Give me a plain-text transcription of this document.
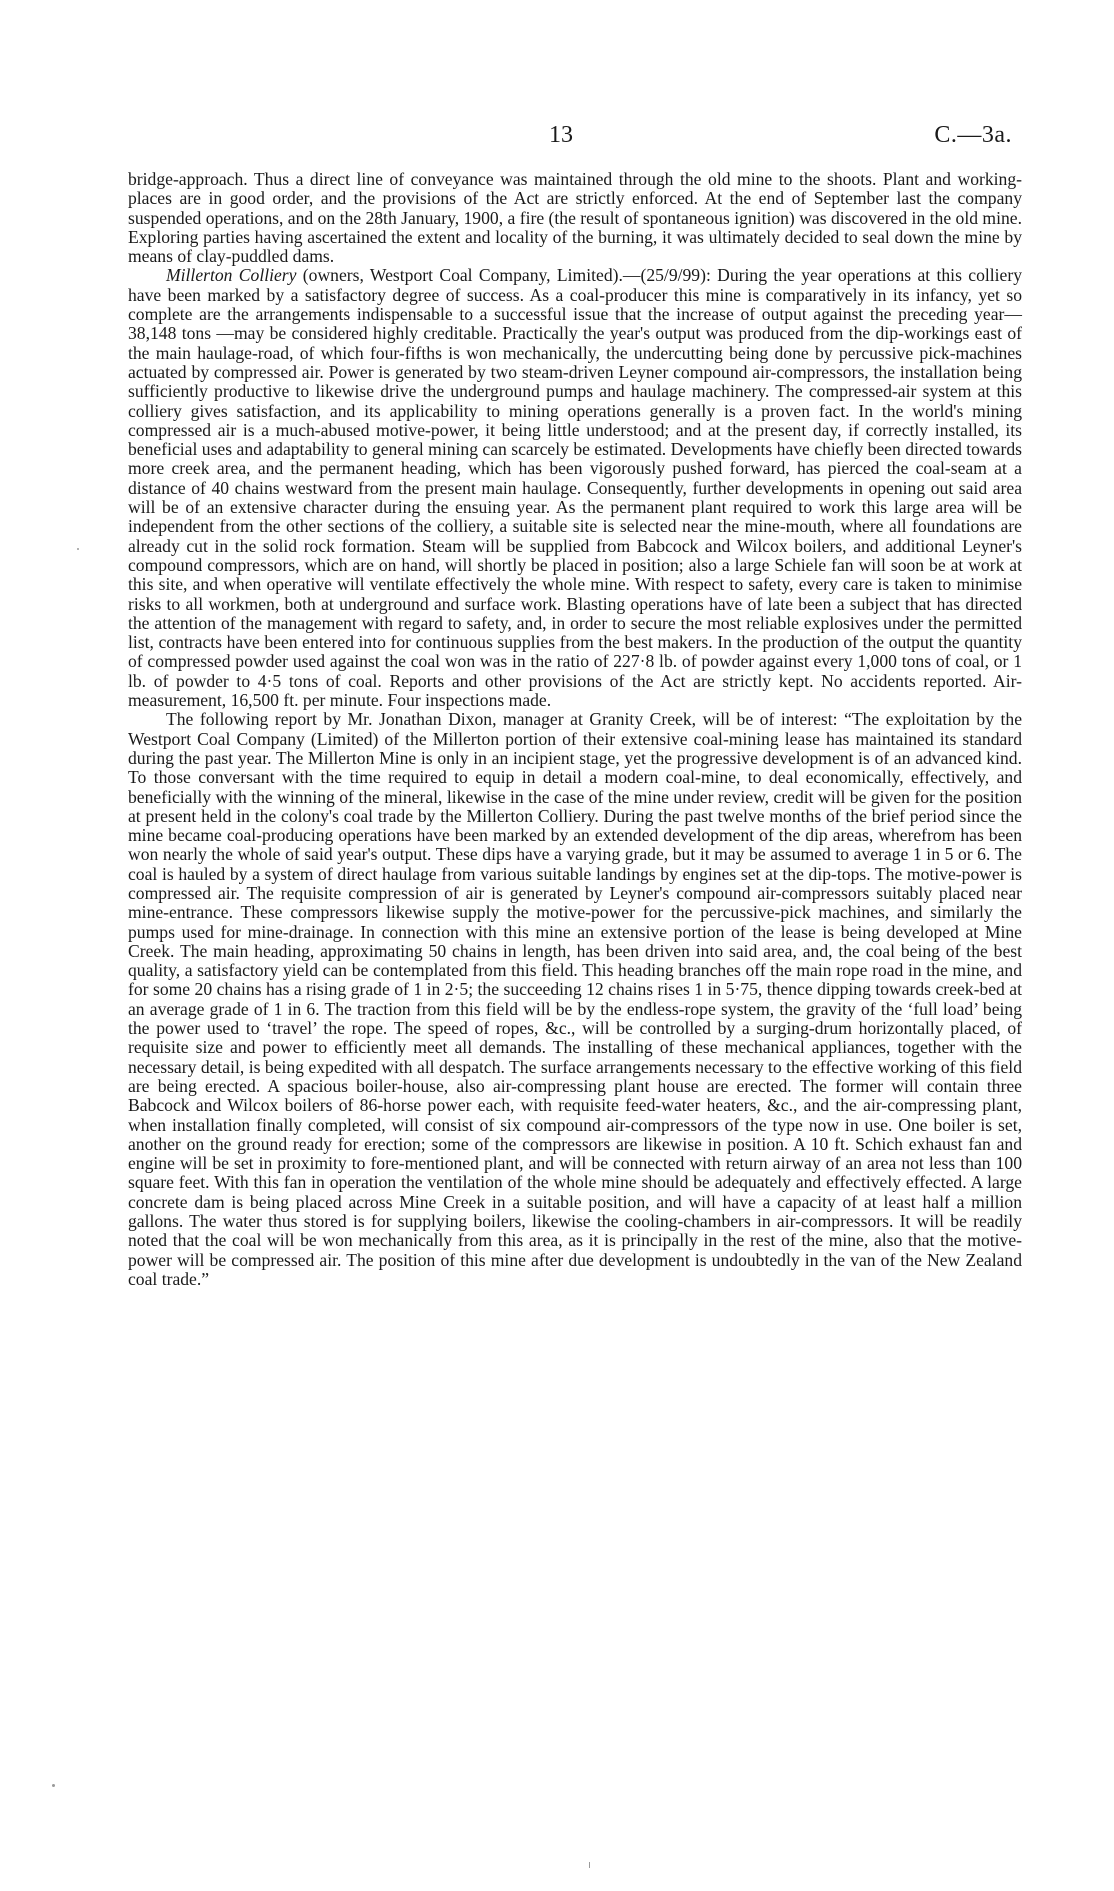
13	C.—3a.

bridge-approach. Thus a direct line of conveyance was maintained through the old mine to the shoots. Plant and working-places are in good order, and the provisions of the Act are strictly enforced. At the end of September last the company suspended operations, and on the 28th January, 1900, a fire (the result of spontaneous ignition) was discovered in the old mine. Exploring parties having ascertained the extent and locality of the burning, it was ultimately decided to seal down the mine by means of clay-puddled dams.

Millerton Colliery (owners, Westport Coal Company, Limited).—(25/9/99): During the year operations at this colliery have been marked by a satisfactory degree of success. As a coal-producer this mine is comparatively in its infancy, yet so complete are the arrangements indispensable to a successful issue that the increase of output against the preceding year—38,148 tons —may be considered highly creditable. Practically the year's output was produced from the dip-workings east of the main haulage-road, of which four-fifths is won mechanically, the undercutting being done by percussive pick-machines actuated by compressed air. Power is generated by two steam-driven Leyner compound air-compressors, the installation being sufficiently productive to likewise drive the underground pumps and haulage machinery. The compressed-air system at this colliery gives satisfaction, and its applicability to mining operations generally is a proven fact. In the world's mining compressed air is a much-abused motive-power, it being little understood; and at the present day, if correctly installed, its beneficial uses and adaptability to general mining can scarcely be estimated. Developments have chiefly been directed towards more creek area, and the permanent heading, which has been vigorously pushed forward, has pierced the coal-seam at a distance of 40 chains westward from the present main haulage. Consequently, further developments in opening out said area will be of an extensive character during the ensuing year. As the permanent plant required to work this large area will be independent from the other sections of the colliery, a suitable site is selected near the mine-mouth, where all foundations are already cut in the solid rock formation. Steam will be supplied from Babcock and Wilcox boilers, and additional Leyner's compound compressors, which are on hand, will shortly be placed in position; also a large Schiele fan will soon be at work at this site, and when operative will ventilate effectively the whole mine. With respect to safety, every care is taken to minimise risks to all workmen, both at underground and surface work. Blasting operations have of late been a subject that has directed the attention of the management with regard to safety, and, in order to secure the most reliable explosives under the permitted list, contracts have been entered into for continuous supplies from the best makers. In the production of the output the quantity of compressed powder used against the coal won was in the ratio of 227·8 lb. of powder against every 1,000 tons of coal, or 1 lb. of powder to 4·5 tons of coal. Reports and other provisions of the Act are strictly kept. No accidents reported. Air-measurement, 16,500 ft. per minute. Four inspections made.

The following report by Mr. Jonathan Dixon, manager at Granity Creek, will be of interest: “The exploitation by the Westport Coal Company (Limited) of the Millerton portion of their extensive coal-mining lease has maintained its standard during the past year. The Millerton Mine is only in an incipient stage, yet the progressive development is of an advanced kind. To those conversant with the time required to equip in detail a modern coal-mine, to deal economically, effectively, and beneficially with the winning of the mineral, likewise in the case of the mine under review, credit will be given for the position at present held in the colony's coal trade by the Millerton Colliery. During the past twelve months of the brief period since the mine became coal-producing operations have been marked by an extended development of the dip areas, wherefrom has been won nearly the whole of said year's output. These dips have a varying grade, but it may be assumed to average 1 in 5 or 6. The coal is hauled by a system of direct haulage from various suitable landings by engines set at the dip-tops. The motive-power is compressed air. The requisite compression of air is generated by Leyner's compound air-compressors suitably placed near mine-entrance. These compressors likewise supply the motive-power for the percussive-pick machines, and similarly the pumps used for mine-drainage. In connection with this mine an extensive portion of the lease is being developed at Mine Creek. The main heading, approximating 50 chains in length, has been driven into said area, and, the coal being of the best quality, a satisfactory yield can be contemplated from this field. This heading branches off the main rope road in the mine, and for some 20 chains has a rising grade of 1 in 2·5; the succeeding 12 chains rises 1 in 5·75, thence dipping towards creek-bed at an average grade of 1 in 6. The traction from this field will be by the endless-rope system, the gravity of the ‘full load’ being the power used to ‘travel’ the rope. The speed of ropes, &c., will be controlled by a surging-drum horizontally placed, of requisite size and power to efficiently meet all demands. The installing of these mechanical appliances, together with the necessary detail, is being expedited with all despatch. The surface arrangements necessary to the effective working of this field are being erected. A spacious boiler-house, also air-compressing plant house are erected. The former will contain three Babcock and Wilcox boilers of 86-horse power each, with requisite feed-water heaters, &c., and the air-compressing plant, when installation finally completed, will consist of six compound air-compressors of the type now in use. One boiler is set, another on the ground ready for erection; some of the compressors are likewise in position. A 10 ft. Schich exhaust fan and engine will be set in proximity to fore-mentioned plant, and will be connected with return airway of an area not less than 100 square feet. With this fan in operation the ventilation of the whole mine should be adequately and effectively effected. A large concrete dam is being placed across Mine Creek in a suitable position, and will have a capacity of at least half a million gallons. The water thus stored is for supplying boilers, likewise the cooling-chambers in air-compressors. It will be readily noted that the coal will be won mechanically from this area, as it is principally in the rest of the mine, also that the motive-power will be compressed air. The position of this mine after due development is undoubtedly in the van of the New Zealand coal trade.”
